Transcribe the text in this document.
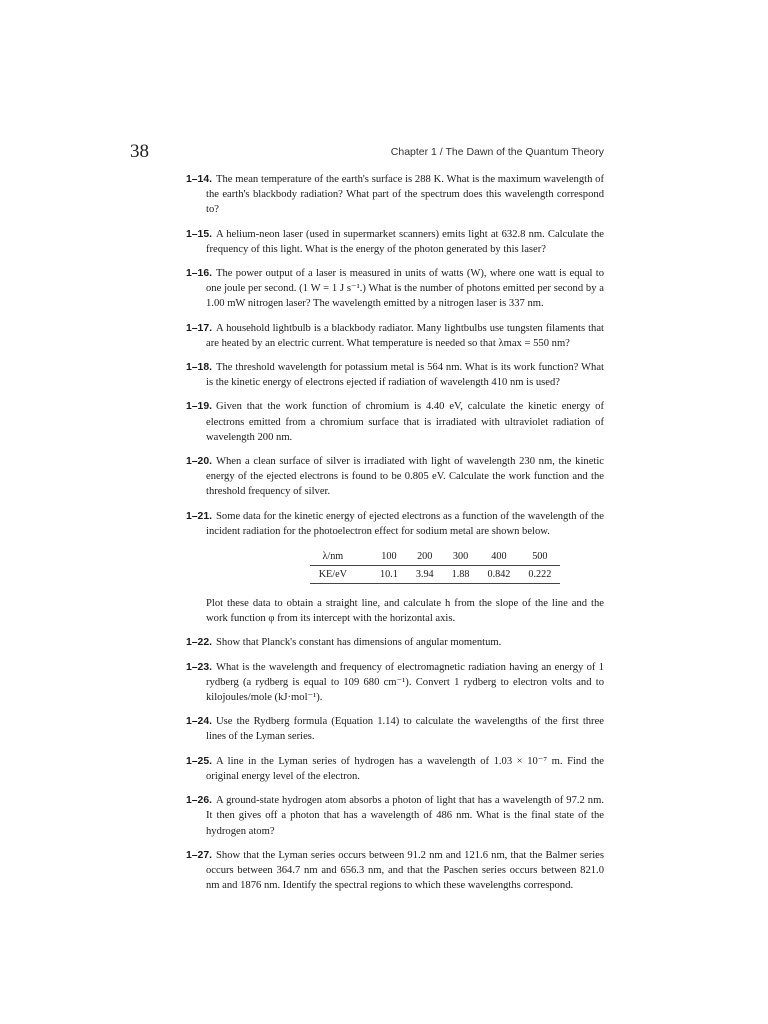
38	Chapter 1 / The Dawn of the Quantum Theory

1–14. The mean temperature of the earth's surface is 288 K. What is the maximum wavelength of the earth's blackbody radiation? What part of the spectrum does this wavelength correspond to?

1–15. A helium-neon laser (used in supermarket scanners) emits light at 632.8 nm. Calculate the frequency of this light. What is the energy of the photon generated by this laser?

1–16. The power output of a laser is measured in units of watts (W), where one watt is equal to one joule per second. (1 W = 1 J s⁻¹.) What is the number of photons emitted per second by a 1.00 mW nitrogen laser? The wavelength emitted by a nitrogen laser is 337 nm.

1–17. A household lightbulb is a blackbody radiator. Many lightbulbs use tungsten filaments that are heated by an electric current. What temperature is needed so that λmax = 550 nm?

1–18. The threshold wavelength for potassium metal is 564 nm. What is its work function? What is the kinetic energy of electrons ejected if radiation of wavelength 410 nm is used?

1–19. Given that the work function of chromium is 4.40 eV, calculate the kinetic energy of electrons emitted from a chromium surface that is irradiated with ultraviolet radiation of wavelength 200 nm.

1–20. When a clean surface of silver is irradiated with light of wavelength 230 nm, the kinetic energy of the ejected electrons is found to be 0.805 eV. Calculate the work function and the threshold frequency of silver.

1–21. Some data for the kinetic energy of ejected electrons as a function of the wavelength of the incident radiation for the photoelectron effect for sodium metal are shown below.

λ/nm	100	200	300	400	500
KE/eV	10.1	3.94	1.88	0.842	0.222

Plot these data to obtain a straight line, and calculate h from the slope of the line and the work function φ from its intercept with the horizontal axis.

1–22. Show that Planck's constant has dimensions of angular momentum.

1–23. What is the wavelength and frequency of electromagnetic radiation having an energy of 1 rydberg (a rydberg is equal to 109 680 cm⁻¹). Convert 1 rydberg to electron volts and to kilojoules/mole (kJ·mol⁻¹).

1–24. Use the Rydberg formula (Equation 1.14) to calculate the wavelengths of the first three lines of the Lyman series.

1–25. A line in the Lyman series of hydrogen has a wavelength of 1.03 × 10⁻⁷ m. Find the original energy level of the electron.

1–26. A ground-state hydrogen atom absorbs a photon of light that has a wavelength of 97.2 nm. It then gives off a photon that has a wavelength of 486 nm. What is the final state of the hydrogen atom?

1–27. Show that the Lyman series occurs between 91.2 nm and 121.6 nm, that the Balmer series occurs between 364.7 nm and 656.3 nm, and that the Paschen series occurs between 821.0 nm and 1876 nm. Identify the spectral regions to which these wavelengths correspond.
